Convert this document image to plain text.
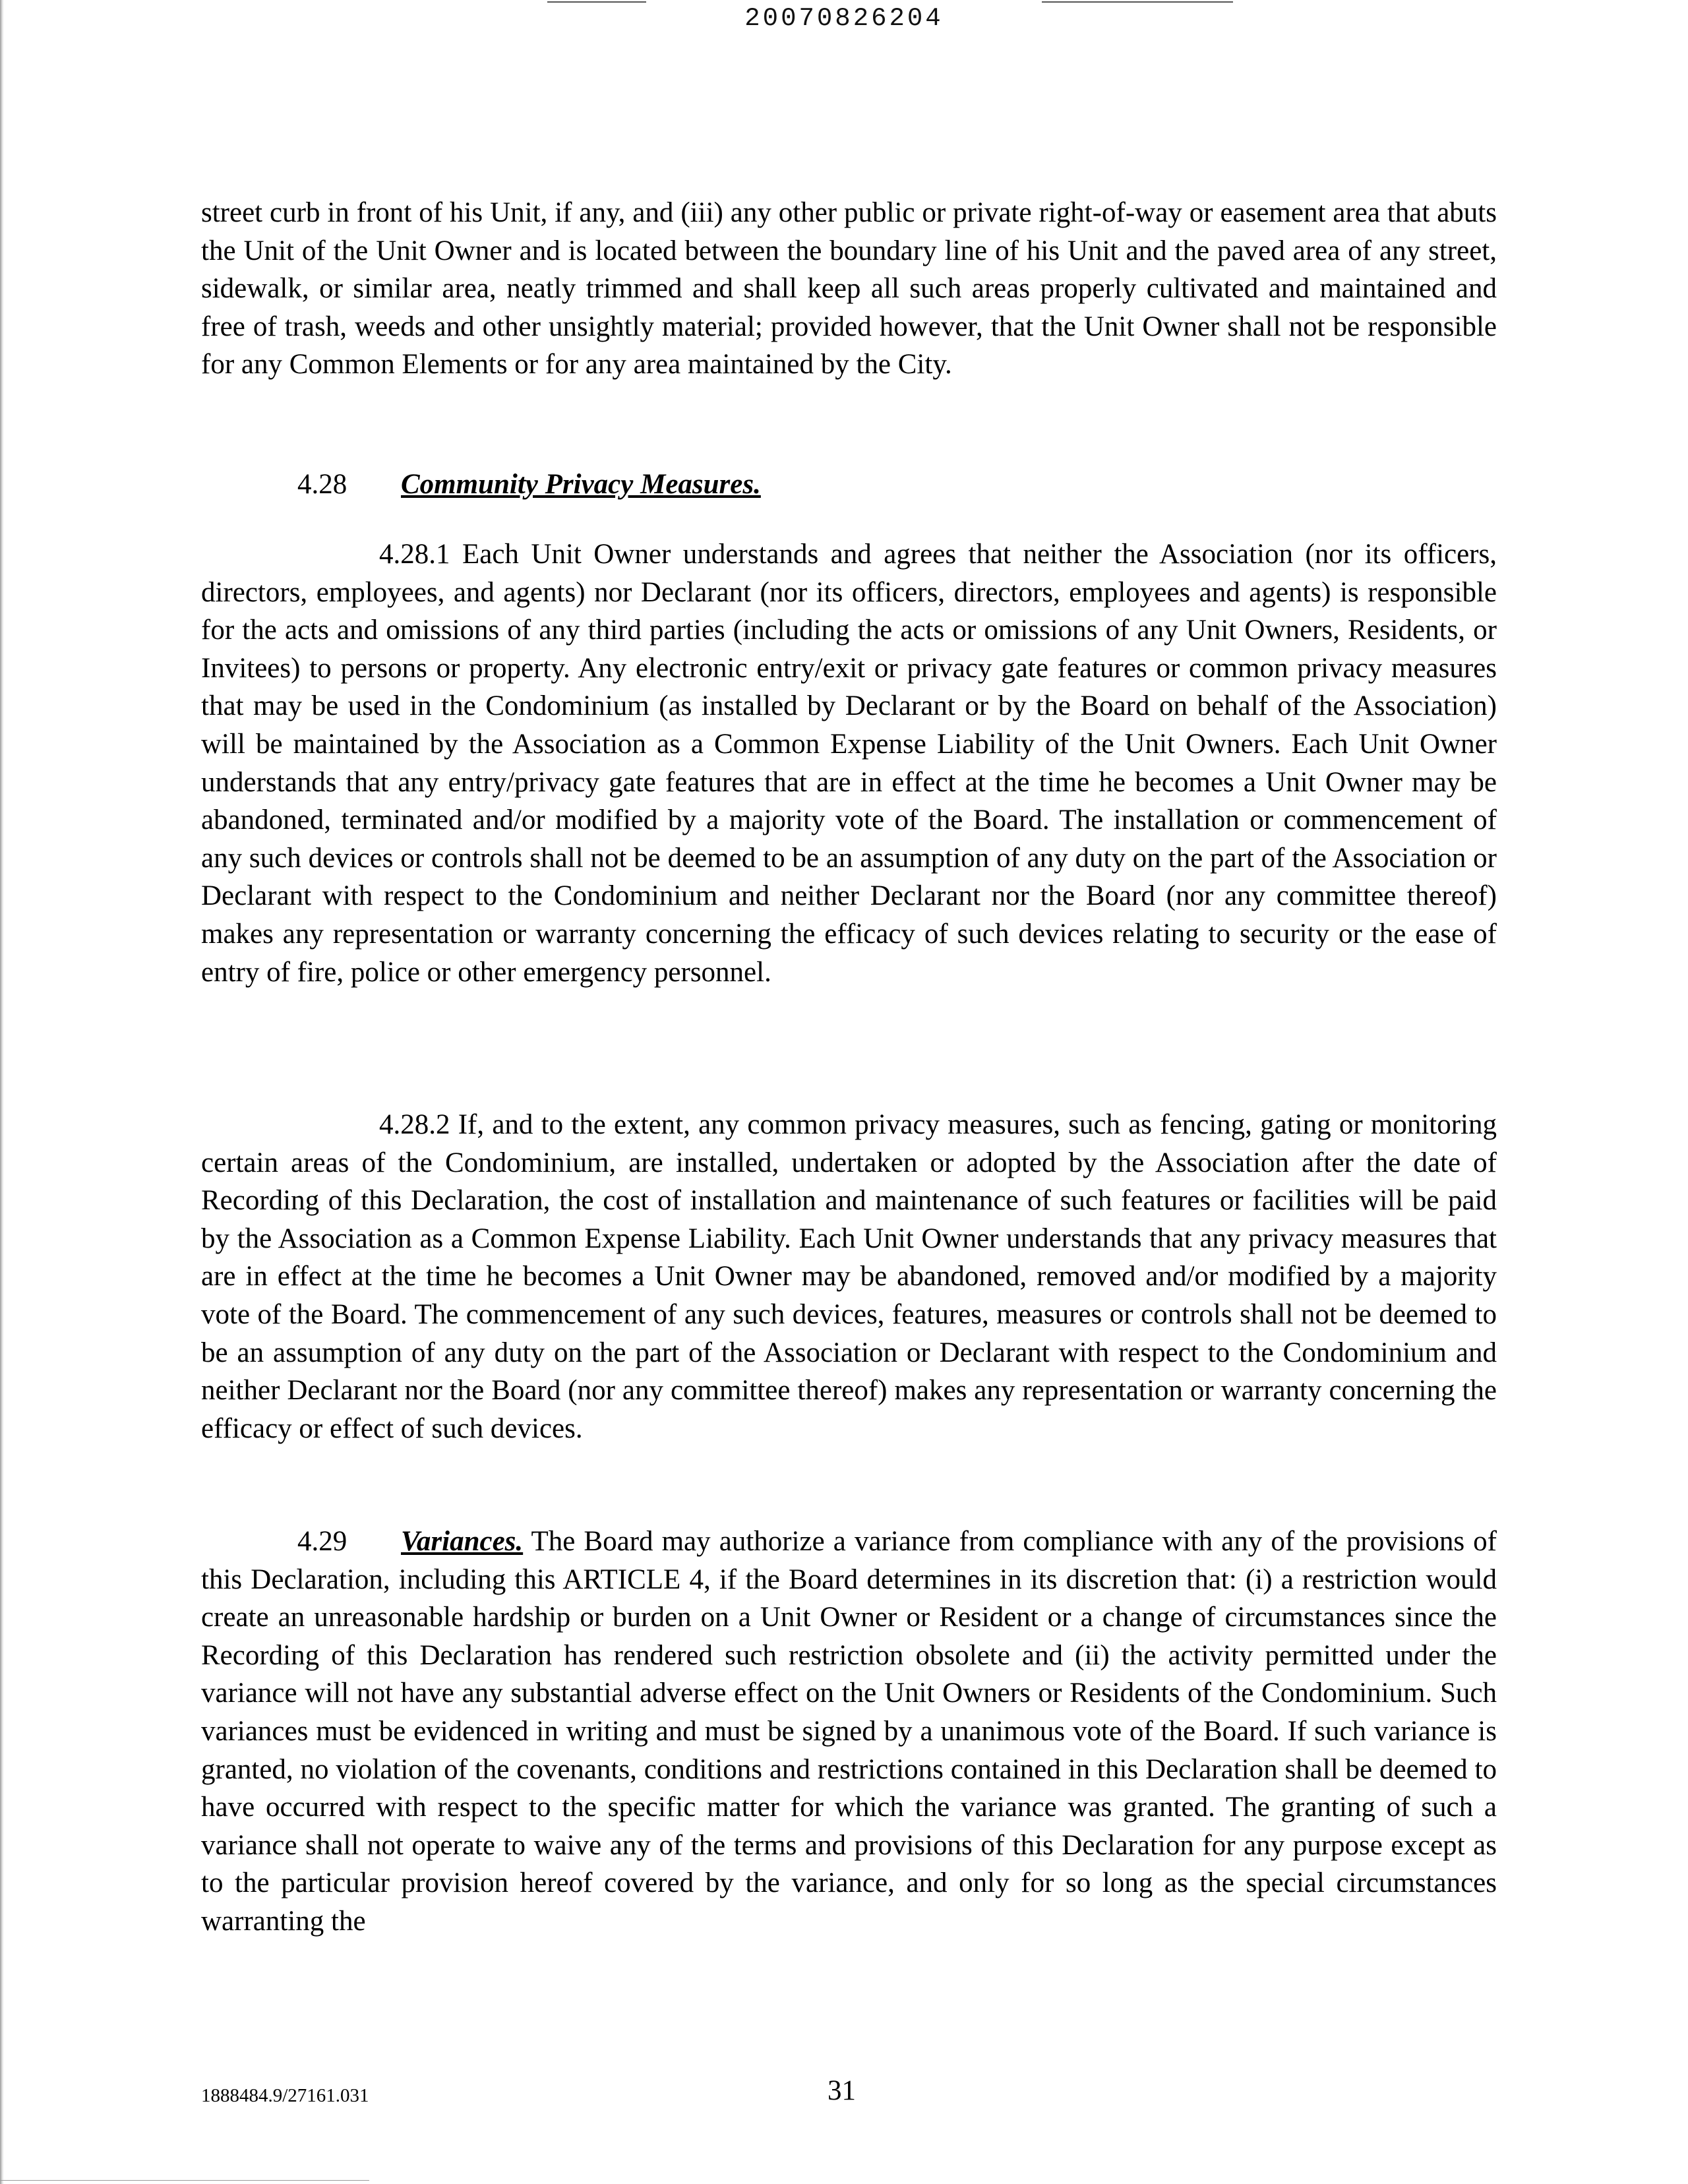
20070826204

street curb in front of his Unit, if any, and (iii) any other public or private right-of-way or easement area that abuts the Unit of the Unit Owner and is located between the boundary line of his Unit and the paved area of any street, sidewalk, or similar area, neatly trimmed and shall keep all such areas properly cultivated and maintained and free of trash, weeds and other unsightly material; provided however, that the Unit Owner shall not be responsible for any Common Elements or for any area maintained by the City.

4.28 Community Privacy Measures.

4.28.1 Each Unit Owner understands and agrees that neither the Association (nor its officers, directors, employees, and agents) nor Declarant (nor its officers, directors, employees and agents) is responsible for the acts and omissions of any third parties (including the acts or omissions of any Unit Owners, Residents, or Invitees) to persons or property. Any electronic entry/exit or privacy gate features or common privacy measures that may be used in the Condominium (as installed by Declarant or by the Board on behalf of the Association) will be maintained by the Association as a Common Expense Liability of the Unit Owners. Each Unit Owner understands that any entry/privacy gate features that are in effect at the time he becomes a Unit Owner may be abandoned, terminated and/or modified by a majority vote of the Board. The installation or commencement of any such devices or controls shall not be deemed to be an assumption of any duty on the part of the Association or Declarant with respect to the Condominium and neither Declarant nor the Board (nor any committee thereof) makes any representation or warranty concerning the efficacy of such devices relating to security or the ease of entry of fire, police or other emergency personnel.

4.28.2 If, and to the extent, any common privacy measures, such as fencing, gating or monitoring certain areas of the Condominium, are installed, undertaken or adopted by the Association after the date of Recording of this Declaration, the cost of installation and maintenance of such features or facilities will be paid by the Association as a Common Expense Liability. Each Unit Owner understands that any privacy measures that are in effect at the time he becomes a Unit Owner may be abandoned, removed and/or modified by a majority vote of the Board. The commencement of any such devices, features, measures or controls shall not be deemed to be an assumption of any duty on the part of the Association or Declarant with respect to the Condominium and neither Declarant nor the Board (nor any committee thereof) makes any representation or warranty concerning the efficacy or effect of such devices.

4.29 Variances. The Board may authorize a variance from compliance with any of the provisions of this Declaration, including this ARTICLE 4, if the Board determines in its discretion that: (i) a restriction would create an unreasonable hardship or burden on a Unit Owner or Resident or a change of circumstances since the Recording of this Declaration has rendered such restriction obsolete and (ii) the activity permitted under the variance will not have any substantial adverse effect on the Unit Owners or Residents of the Condominium. Such variances must be evidenced in writing and must be signed by a unanimous vote of the Board. If such variance is granted, no violation of the covenants, conditions and restrictions contained in this Declaration shall be deemed to have occurred with respect to the specific matter for which the variance was granted. The granting of such a variance shall not operate to waive any of the terms and provisions of this Declaration for any purpose except as to the particular provision hereof covered by the variance, and only for so long as the special circumstances warranting the

1888484.9/27161.031	31
